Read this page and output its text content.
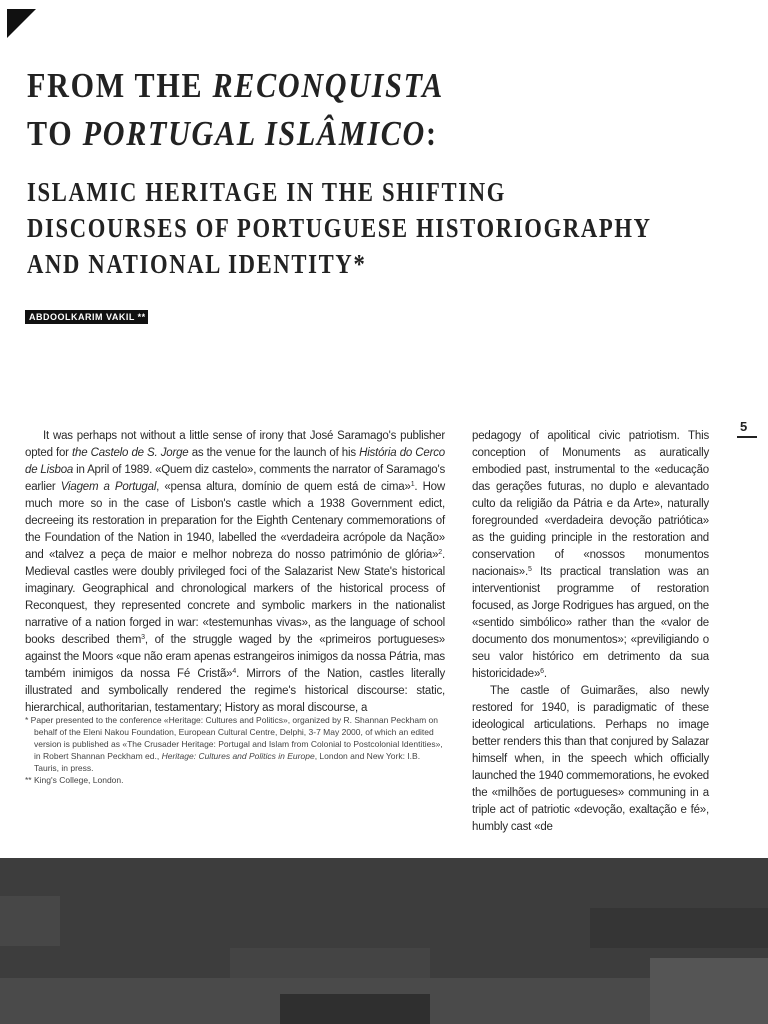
FROM THE RECONQUISTA
TO PORTUGAL ISLÂMICO:
ISLAMIC HERITAGE IN THE SHIFTING
DISCOURSES OF PORTUGUESE HISTORIOGRAPHY
AND NATIONAL IDENTITY*
ABDOOLKARIM VAKIL **
5

It was perhaps not without a little sense of irony that José Saramago's publisher opted for the Castelo de S. Jorge as the venue for the launch of his História do Cerco de Lisboa in April of 1989. «Quem diz castelo», comments the narrator of Saramago's earlier Viagem a Portugal, «pensa altura, domínio de quem está de cima»$^1$. How much more so in the case of Lisbon's castle which a 1938 Government edict, decreeing its restoration in preparation for the Eighth Centenary commemorations of the Foundation of the Nation in 1940, labelled the «verdadeira acrópole da Nação» and «talvez a peça de maior e melhor nobreza do nosso património de glória»$^2$. Medieval castles were doubly privileged foci of the Salazarist New State's historical imaginary. Geographical and chronological markers of the historical process of Reconquest, they represented concrete and symbolic markers in the nationalist narrative of a nation forged in war: «testemunhas vivas», as the language of school books described them$^3$, of the struggle waged by the «primeiros portugueses» against the Moors «que não eram apenas estrangeiros inimigos da nossa Pátria, mas também inimigos da nossa Fé Cristã»$^4$. Mirrors of the Nation, castles literally illustrated and symbolically rendered the regime's historical discourse: static, hierarchical, authoritarian, testamentary; History as moral discourse, a

pedagogy of apolitical civic patriotism. This conception of Monuments as auratically embodied past, instrumental to the «educação das gerações futuras, no duplo e alevantado culto da religião da Pátria e da Arte», naturally foregrounded «verdadeira devoção patriótica» as the guiding principle in the restoration and conservation of «nossos monumentos nacionais».$^5$ Its practical translation was an interventionist programme of restoration focused, as Jorge Rodrigues has argued, on the «sentido simbólico» rather than the «valor de documento dos monumentos»; «previligiando o seu valor histórico em detrimento da sua historicidade»$^6$.

The castle of Guimarães, also newly restored for 1940, is paradigmatic of these ideological articulations. Perhaps no image better renders this than that conjured by Salazar himself when, in the speech which officially launched the 1940 commemorations, he evoked the «milhões de portugueses» communing in a triple act of patriotic «devoção, exaltação e fé», humbly cast «de

* Paper presented to the conference «Heritage: Cultures and Politics», organized by R. Shannan Peckham on behalf of the Eleni Nakou Foundation, European Cultural Centre, Delphi, 3-7 May 2000, of which an edited version is published as «The Crusader Heritage: Portugal and Islam from Colonial to Postcolonial Identities», in Robert Shannan Peckham ed., Heritage: Cultures and Politics in Europe, London and New York: I.B. Tauris, in press.

** King's College, London.
